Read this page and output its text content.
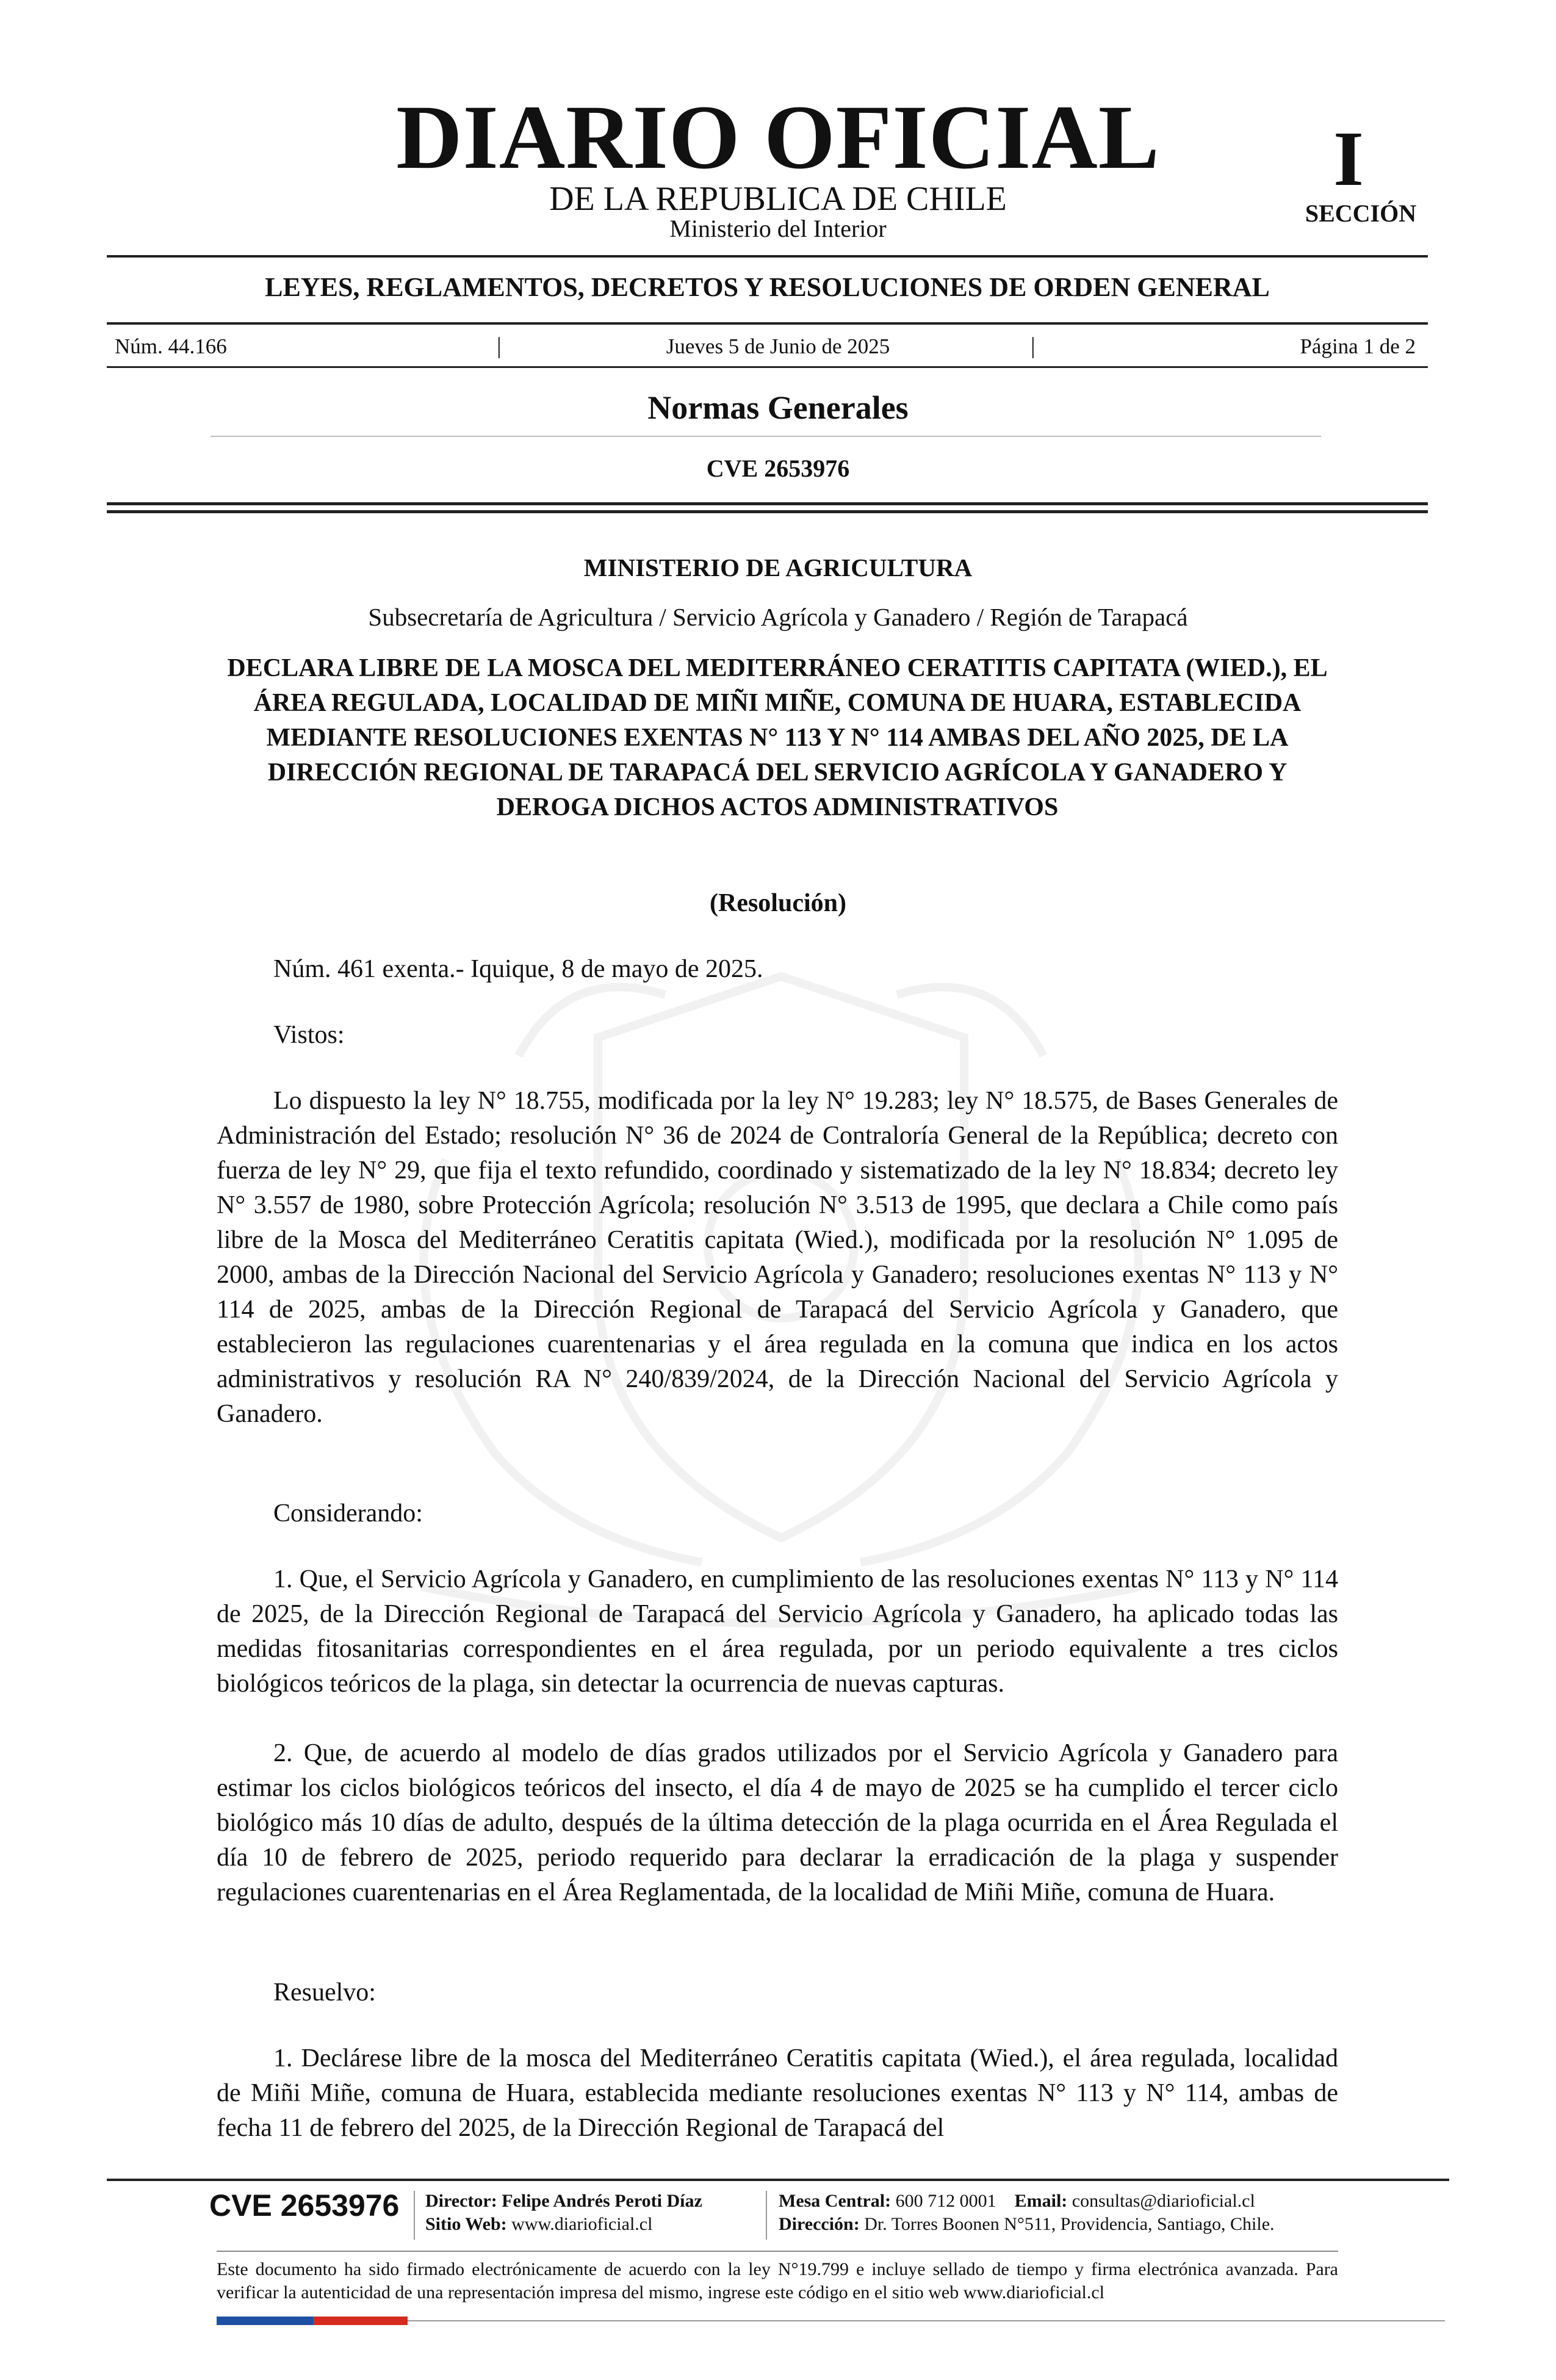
DIARIO OFICIAL
DE LA REPUBLICA DE CHILE
Ministerio del Interior
I
SECCIÓN
LEYES, REGLAMENTOS, DECRETOS Y RESOLUCIONES DE ORDEN GENERAL
Núm. 44.166	|	Jueves 5 de Junio de 2025	|	Página 1 de 2
Normas Generales
CVE 2653976
MINISTERIO DE AGRICULTURA
Subsecretaría de Agricultura / Servicio Agrícola y Ganadero / Región de Tarapacá
DECLARA LIBRE DE LA MOSCA DEL MEDITERRÁNEO CERATITIS CAPITATA (WIED.), EL ÁREA REGULADA, LOCALIDAD DE MIÑI MIÑE, COMUNA DE HUARA, ESTABLECIDA MEDIANTE RESOLUCIONES EXENTAS N° 113 Y N° 114 AMBAS DEL AÑO 2025, DE LA DIRECCIÓN REGIONAL DE TARAPACÁ DEL SERVICIO AGRÍCOLA Y GANADERO Y DEROGA DICHOS ACTOS ADMINISTRATIVOS
(Resolución)
Núm. 461 exenta.- Iquique, 8 de mayo de 2025.
Vistos:
Lo dispuesto la ley N° 18.755, modificada por la ley N° 19.283; ley N° 18.575, de Bases Generales de Administración del Estado; resolución N° 36 de 2024 de Contraloría General de la República; decreto con fuerza de ley N° 29, que fija el texto refundido, coordinado y sistematizado de la ley N° 18.834; decreto ley N° 3.557 de 1980, sobre Protección Agrícola; resolución N° 3.513 de 1995, que declara a Chile como país libre de la Mosca del Mediterráneo Ceratitis capitata (Wied.), modificada por la resolución N° 1.095 de 2000, ambas de la Dirección Nacional del Servicio Agrícola y Ganadero; resoluciones exentas N° 113 y N° 114 de 2025, ambas de la Dirección Regional de Tarapacá del Servicio Agrícola y Ganadero, que establecieron las regulaciones cuarentenarias y el área regulada en la comuna que indica en los actos administrativos y resolución RA N° 240/839/2024, de la Dirección Nacional del Servicio Agrícola y Ganadero.
Considerando:
1. Que, el Servicio Agrícola y Ganadero, en cumplimiento de las resoluciones exentas N° 113 y N° 114 de 2025, de la Dirección Regional de Tarapacá del Servicio Agrícola y Ganadero, ha aplicado todas las medidas fitosanitarias correspondientes en el área regulada, por un periodo equivalente a tres ciclos biológicos teóricos de la plaga, sin detectar la ocurrencia de nuevas capturas.
2. Que, de acuerdo al modelo de días grados utilizados por el Servicio Agrícola y Ganadero para estimar los ciclos biológicos teóricos del insecto, el día 4 de mayo de 2025 se ha cumplido el tercer ciclo biológico más 10 días de adulto, después de la última detección de la plaga ocurrida en el Área Regulada el día 10 de febrero de 2025, periodo requerido para declarar la erradicación de la plaga y suspender regulaciones cuarentenarias en el Área Reglamentada, de la localidad de Miñi Miñe, comuna de Huara.
Resuelvo:
1. Declárese libre de la mosca del Mediterráneo Ceratitis capitata (Wied.), el área regulada, localidad de Miñi Miñe, comuna de Huara, establecida mediante resoluciones exentas N° 113 y N° 114, ambas de fecha 11 de febrero del 2025, de la Dirección Regional de Tarapacá del
CVE 2653976 Director: Felipe Andrés Peroti Díaz
Sitio Web: www.diarioficial.cl
Mesa Central: 600 712 0001 Email: consultas@diarioficial.cl
Dirección: Dr. Torres Boonen N°511, Providencia, Santiago, Chile.
Este documento ha sido firmado electrónicamente de acuerdo con la ley N°19.799 e incluye sellado de tiempo y firma electrónica avanzada. Para verificar la autenticidad de una representación impresa del mismo, ingrese este código en el sitio web www.diarioficial.cl
